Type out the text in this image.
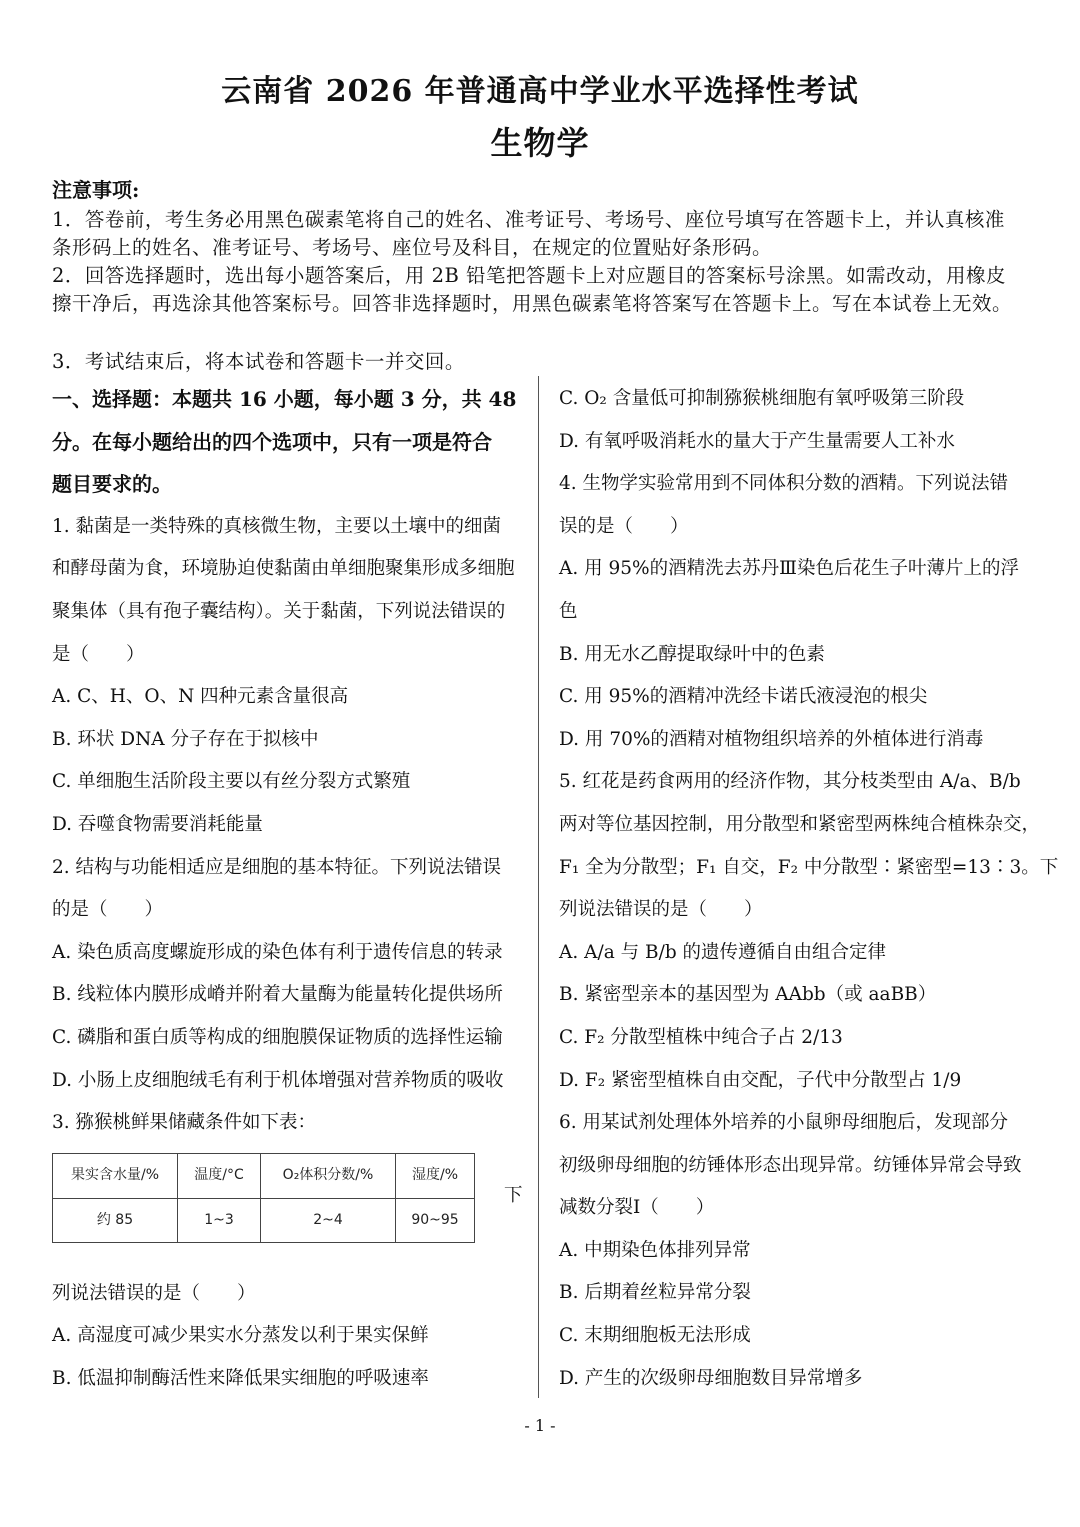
云南省 2026 年普通高中学业水平选择性考试
生物学
注意事项:
1．答卷前，考生务必用黑色碳素笔将自己的姓名、准考证号、考场号、座位号填写在答题卡上，并认真核准条形码上的姓名、准考证号、考场号、座位号及科目，在规定的位置贴好条形码。
2．回答选择题时，选出每小题答案后，用 2B 铅笔把答题卡上对应题目的答案标号涂黑。如需改动，用橡皮擦干净后，再选涂其他答案标号。回答非选择题时，用黑色碳素笔将答案写在答题卡上。写在本试卷上无效。
3．考试结束后，将本试卷和答题卡一并交回。
一、选择题：本题共 16 小题，每小题 3 分，共 48
分。在每小题给出的四个选项中，只有一项是符合
题目要求的。
1. 黏菌是一类特殊的真核微生物，主要以土壤中的细菌
和酵母菌为食，环境胁迫使黏菌由单细胞聚集形成多细胞
聚集体（具有孢子囊结构）。关于黏菌，下列说法错误的
是（　　）
A. C、H、O、N 四种元素含量很高
B. 环状 DNA 分子存在于拟核中
C. 单细胞生活阶段主要以有丝分裂方式繁殖
D. 吞噬食物需要消耗能量
2. 结构与功能相适应是细胞的基本特征。下列说法错误
的是（　　）
A. 染色质高度螺旋形成的染色体有利于遗传信息的转录
B. 线粒体内膜形成嵴并附着大量酶为能量转化提供场所
C. 磷脂和蛋白质等构成的细胞膜保证物质的选择性运输
D. 小肠上皮细胞绒毛有利于机体增强对营养物质的吸收
3. 猕猴桃鲜果储藏条件如下表：
果实含水量/%	温度/°C	O₂体积分数/%	湿度/%
约 85	1~3	2~4	90~95
下
列说法错误的是（　　）
A. 高湿度可减少果实水分蒸发以利于果实保鲜
B. 低温抑制酶活性来降低果实细胞的呼吸速率
C. O₂ 含量低可抑制猕猴桃细胞有氧呼吸第三阶段
D. 有氧呼吸消耗水的量大于产生量需要人工补水
4. 生物学实验常用到不同体积分数的酒精。下列说法错
误的是（　　）
A. 用 95%的酒精洗去苏丹Ⅲ染色后花生子叶薄片上的浮
色
B. 用无水乙醇提取绿叶中的色素
C. 用 95%的酒精冲洗经卡诺氏液浸泡的根尖
D. 用 70%的酒精对植物组织培养的外植体进行消毒
5. 红花是药食两用的经济作物，其分枝类型由 A/a、B/b
两对等位基因控制，用分散型和紧密型两株纯合植株杂交，
F₁ 全为分散型；F₁ 自交，F₂ 中分散型∶紧密型=13∶3。下
列说法错误的是（　　）
A. A/a 与 B/b 的遗传遵循自由组合定律
B. 紧密型亲本的基因型为 AAbb（或 aaBB）
C. F₂ 分散型植株中纯合子占 2/13
D. F₂ 紧密型植株自由交配，子代中分散型占 1/9
6. 用某试剂处理体外培养的小鼠卵母细胞后，发现部分
初级卵母细胞的纺锤体形态出现异常。纺锤体异常会导致
减数分裂Ⅰ（　　）
A. 中期染色体排列异常
B. 后期着丝粒异常分裂
C. 末期细胞板无法形成
D. 产生的次级卵母细胞数目异常增多
- 1 -
